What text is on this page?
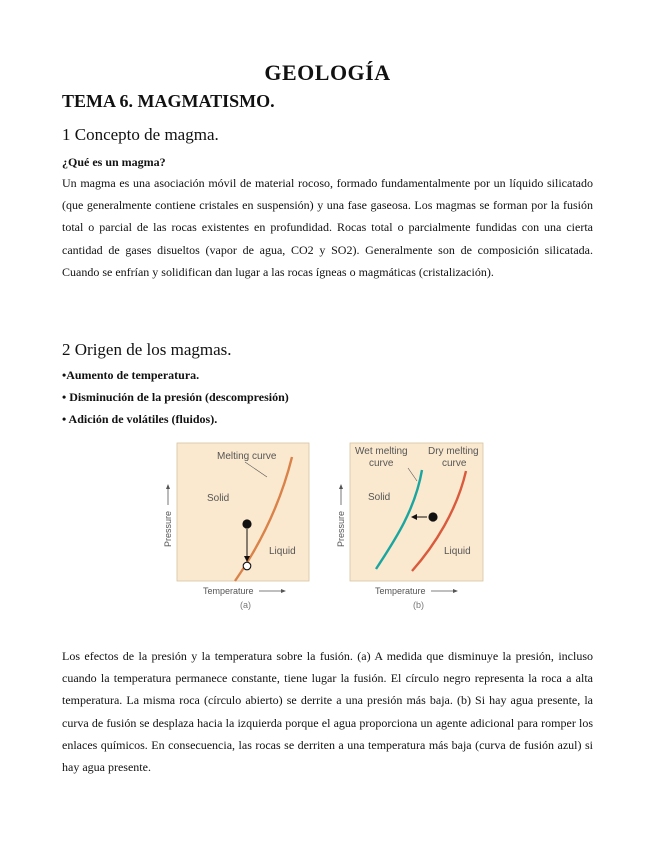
GEOLOGÍA
TEMA 6. MAGMATISMO.
1 Concepto de magma.
¿Qué es un magma?
Un magma es una asociación móvil de material rocoso, formado fundamentalmente por un líquido silicatado (que generalmente contiene cristales en suspensión) y una fase gaseosa. Los magmas se forman por la fusión total o parcial de las rocas existentes en profundidad. Rocas total o parcialmente fundidas con una cierta cantidad de gases disueltos (vapor de agua, CO2 y SO2). Generalmente son de composición silicatada. Cuando se enfrían y solidifican dan lugar a las rocas ígneas o magmáticas (cristalización).
2 Origen de los magmas.
•Aumento de temperatura.
• Disminución de la presión (descompresión)
• Adición de volátiles (fluidos).
Melting curve
Solid
Liquid
Pressure
Temperature
(a)
Wet melting
curve
Dry melting
curve
Solid
Liquid
Pressure
Temperature
(b)
Los efectos de la presión y la temperatura sobre la fusión. (a) A medida que disminuye la presión, incluso cuando la temperatura permanece constante, tiene lugar la fusión. El círculo negro representa la roca a alta temperatura. La misma roca (círculo abierto) se derrite a una presión más baja. (b) Si hay agua presente, la curva de fusión se desplaza hacia la izquierda porque el agua proporciona un agente adicional para romper los enlaces químicos. En consecuencia, las rocas se derriten a una temperatura más baja (curva de fusión azul) si hay agua presente.
